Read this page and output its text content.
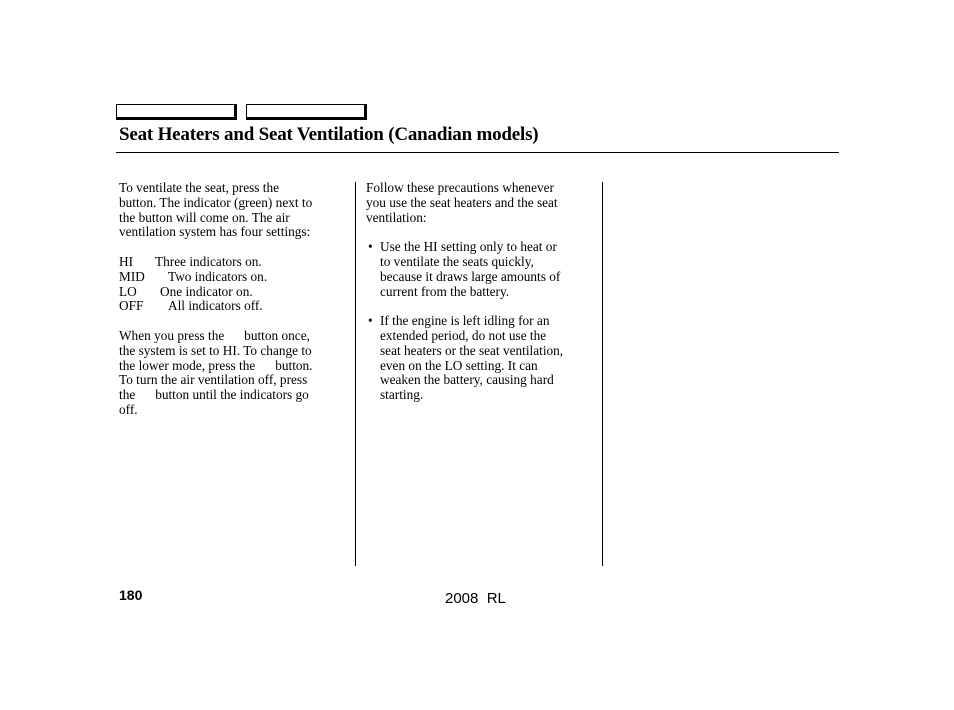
Seat Heaters and Seat Ventilation (Canadian models)
To ventilate the seat, press the
button. The indicator (green) next to
the button will come on. The air
ventilation system has four settings:
HI Three indicators on.
MID Two indicators on.
LO One indicator on.
OFF All indicators off.
When you press the      button once,
the system is set to HI. To change to
the lower mode, press the      button.
To turn the air ventilation off, press
the      button until the indicators go
off.
Follow these precautions whenever
you use the seat heaters and the seat
ventilation:
• Use the HI setting only to heat or
to ventilate the seats quickly,
because it draws large amounts of
current from the battery.
• If the engine is left idling for an
extended period, do not use the
seat heaters or the seat ventilation,
even on the LO setting. It can
weaken the battery, causing hard
starting.
180	2008  RL
